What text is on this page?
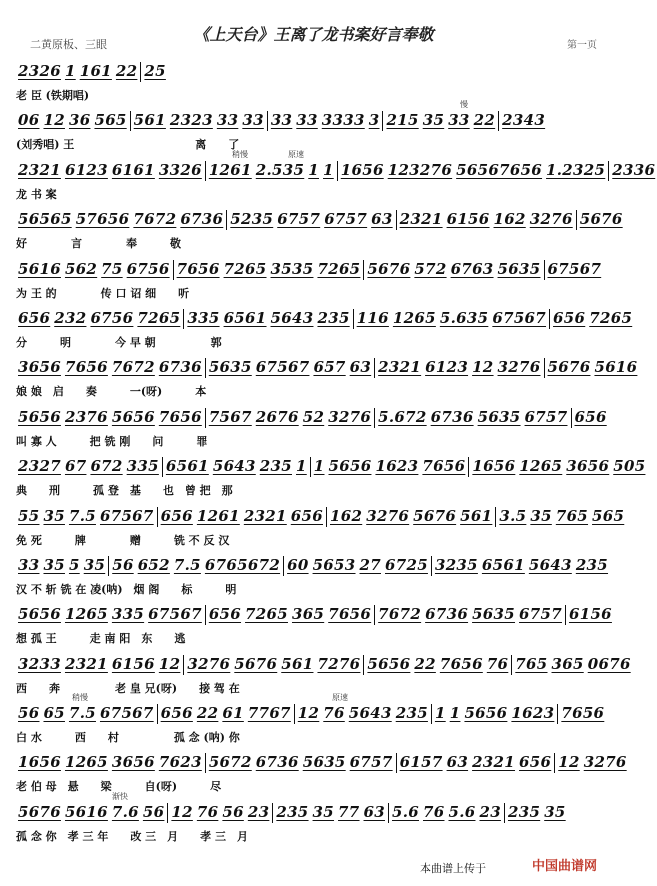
二黄原板、三眼
《上天台》王离了龙书案好言奉敬
第一页
2326 1 161 22 25
老 臣 (铁期唱)
06 12 36 565 561 2323 33 33 33 33 3333 3 215 35 33 22 2343
(刘秀唱) 王　　　　　　　　　　　离　　了
慢
2321 6123 6161 3326 1261 2.535 1 1 1656 123276 56567656 1.2325 2336
龙 书 案
稍慢	原速
56565 57656 7672 6736 5235 6757 6757 63 2321 6156 162 3276 5676
好　　　　言　　　　奉　　　敬
5616 562 75 6756 7656 7265 3535 7265 5676 572 6763 5635 67567
为 王 的　　　　传 口 诏 细　　听
656 232 6756 7265 335 6561 5643 235 116 1265 5.635 67567 656 7265
分　　　明　　　　今 早 朝　　　　　郭
3656 7656 7672 6736 5635 67567 657 63 2321 6123 12 3276 5676 5616
娘 娘　启　　奏　　　一(呀)　　　本
5656 2376 5656 7656 7567 2676 52 3276 5.672 6736 5635 6757 656
叫 寡 人　　　把 铣 刚　　问　　　罪
2327 67 672 335 6561 5643 235 1 1 5656 1623 7656 1656 1265 3656 505
典　　刑　　　孤 登　基　　也　曾 把　那
55 35 7.5 67567 656 1261 2321 656 162 3276 5676 561 3.5 35 765 565
免 死　　　牌　　　　赠　　　铣 不 反 汉
33 35 5 35 56 652 7.5 6765672 60 5653 27 6725 3235 6561 5643 235
汉 不 斩 铣 在 凌(呐)　烟 阁　　标　　　明
5656 1265 335 67567 656 7265 365 7656 7672 6736 5635 6757 6156
想 孤 王　　　走 南 阳　东　　逃
3233 2321 6156 12 3276 5676 561 7276 5656 22 7656 76 765 365 0676
西　　奔　　　　　老 皇 兄(呀)　　接 驾 在
56 65 7.5 67567 656 22 61 7767 12 76 5643 235 1 1 5656 1623 7656
白 水　　　西　　村　　　　　孤 念 (呐) 你
稍慢	原速
1656 1265 3656 7623 5672 6736 5635 6757 6157 63 2321 656 12 3276
老 伯 母　悬　　梁　　　自(呀)　　　尽
5676 5616 7.6 56 12 76 56 23 235 35 77 63 5.6 76 5.6 23 235 35
孤 念 你　孝 三 年　　改 三　月　　孝 三　月
渐快
本曲谱上传于	中国曲谱网
